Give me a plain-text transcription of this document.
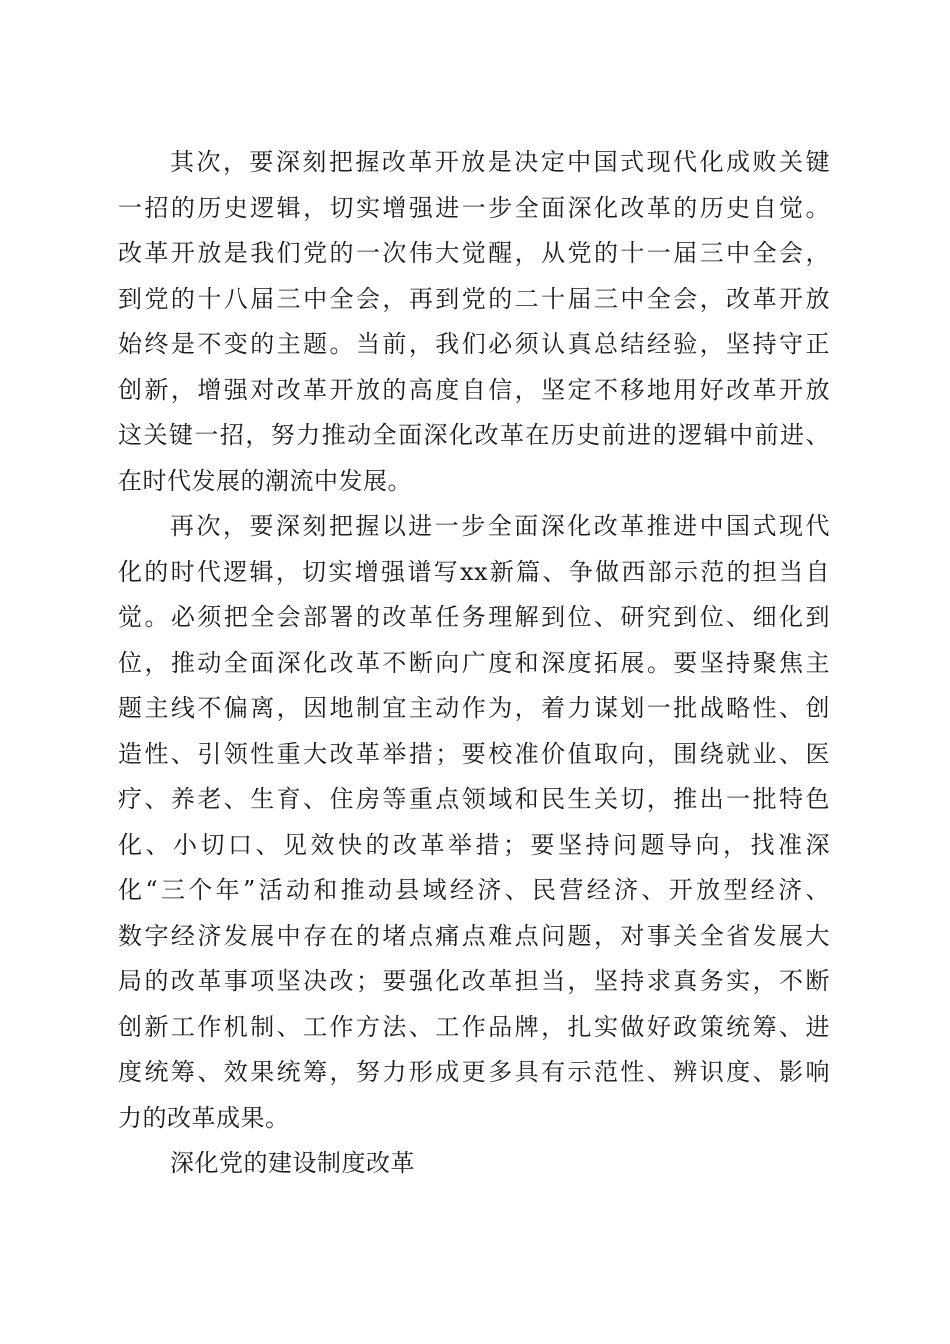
其次，要深刻把握改革开放是决定中国式现代化成败关键
一招的历史逻辑，切实增强进一步全面深化改革的历史自觉。
改革开放是我们党的一次伟大觉醒，从党的十一届三中全会，
到党的十八届三中全会，再到党的二十届三中全会，改革开放
始终是不变的主题。当前，我们必须认真总结经验，坚持守正
创新，增强对改革开放的高度自信，坚定不移地用好改革开放
这关键一招，努力推动全面深化改革在历史前进的逻辑中前进、
在时代发展的潮流中发展。
再次，要深刻把握以进一步全面深化改革推进中国式现代
化的时代逻辑，切实增强谱写xx新篇、争做西部示范的担当自
觉。必须把全会部署的改革任务理解到位、研究到位、细化到
位，推动全面深化改革不断向广度和深度拓展。要坚持聚焦主
题主线不偏离，因地制宜主动作为，着力谋划一批战略性、创
造性、引领性重大改革举措；要校准价值取向，围绕就业、医
疗、养老、生育、住房等重点领域和民生关切，推出一批特色
化、小切口、见效快的改革举措；要坚持问题导向，找准深
化“三个年”活动和推动县域经济、民营经济、开放型经济、
数字经济发展中存在的堵点痛点难点问题，对事关全省发展大
局的改革事项坚决改；要强化改革担当，坚持求真务实，不断
创新工作机制、工作方法、工作品牌，扎实做好政策统筹、进
度统筹、效果统筹，努力形成更多具有示范性、辨识度、影响
力的改革成果。
深化党的建设制度改革
